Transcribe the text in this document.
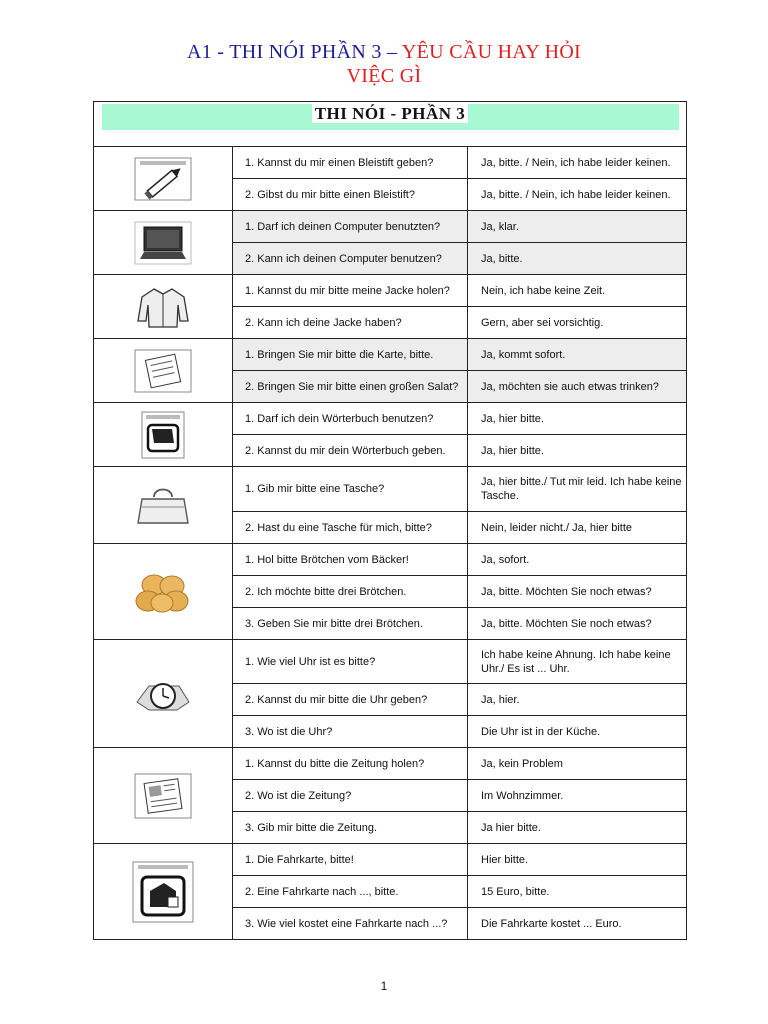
A1 - THI NÓI PHẦN 3 – YÊU CẦU HAY HỎI
VIỆC GÌ
THI NÓI - PHẦN 3		

	1. Kannst du mir einen Bleistift geben?	Ja, bitte. / Nein, ich habe leider keinen.
	2. Gibst du mir bitte einen Bleistift?	Ja, bitte. / Nein, ich habe leider keinen.

	1. Darf ich deinen Computer benutzten?	Ja, klar.
	2. Kann ich deinen Computer benutzen?	Ja, bitte.

	1. Kannst du mir bitte meine Jacke holen?	Nein, ich habe keine Zeit.
	2. Kann ich deine Jacke haben?	Gern, aber sei vorsichtig.

	1. Bringen Sie mir bitte die Karte, bitte.	Ja, kommt sofort.
	2. Bringen Sie mir bitte einen großen Salat?	Ja, möchten sie auch etwas trinken?

	1. Darf ich dein Wörterbuch benutzen?	Ja, hier bitte.
	2. Kannst du mir dein Wörterbuch geben.	Ja, hier bitte.

	1. Gib mir bitte eine Tasche?	Ja, hier bitte./ Tut mir leid. Ich habe keine Tasche.
	2. Hast du eine Tasche für mich, bitte?	Nein, leider nicht./ Ja, hier bitte

	1. Hol bitte Brötchen vom Bäcker!	Ja, sofort.
	2. Ich möchte bitte drei Brötchen.	Ja, bitte. Möchten Sie noch etwas?
	3. Geben Sie mir bitte drei Brötchen.	Ja, bitte. Möchten Sie noch etwas?

	1. Wie viel Uhr ist es bitte?	Ich habe keine Ahnung. Ich habe keine Uhr./ Es ist ... Uhr.
	2. Kannst du mir bitte die Uhr geben?	Ja, hier.
	3. Wo ist die Uhr?	Die Uhr ist in der Küche.

	1. Kannst du bitte die Zeitung holen?	Ja, kein Problem
	2. Wo ist die Zeitung?	Im Wohnzimmer.
	3. Gib mir bitte die Zeitung.	Ja hier bitte.

	1. Die Fahrkarte, bitte!	Hier bitte.
	2. Eine Fahrkarte nach ..., bitte.	15 Euro, bitte.
	3. Wie viel kostet eine Fahrkarte nach ...?	Die Fahrkarte kostet ... Euro.
1
